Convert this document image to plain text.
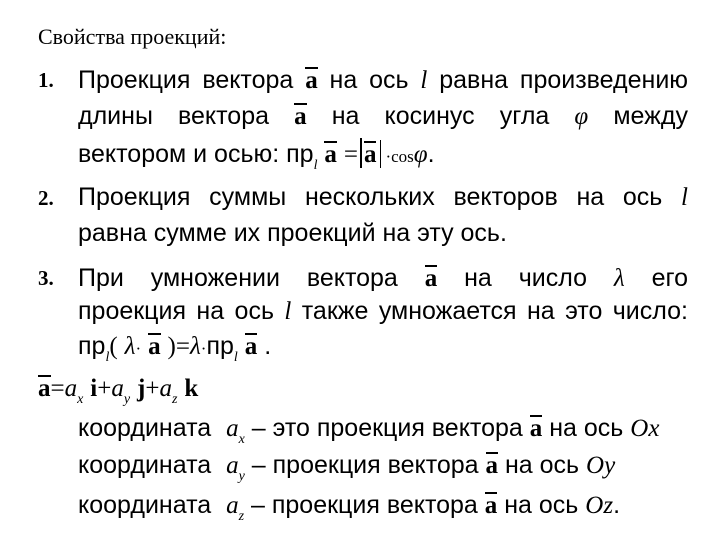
Свойства проекций:
1. Проекция вектора a на ось l равна произведению
длины вектора a на косинус угла φ между
вектором и осью: $пр_l$ a = a ·cosφ.
2. Проекция суммы нескольких векторов на ось l
равна сумме их проекций на эту ось.
3. При умножении вектора a на число λ его
проекция на ось l также умножается на это число:
$пр_l$( λ· a )$=\lambda\cdot пр_l$ a .
$a=a_x$ $i+a_y$ $j+a_z$ k
координата $a_x$ – это проекция вектора a на ось Ox
координата $a_y$ – проекция вектора a на ось Oy
координата $a_z$ – проекция вектора a на ось Oz.
